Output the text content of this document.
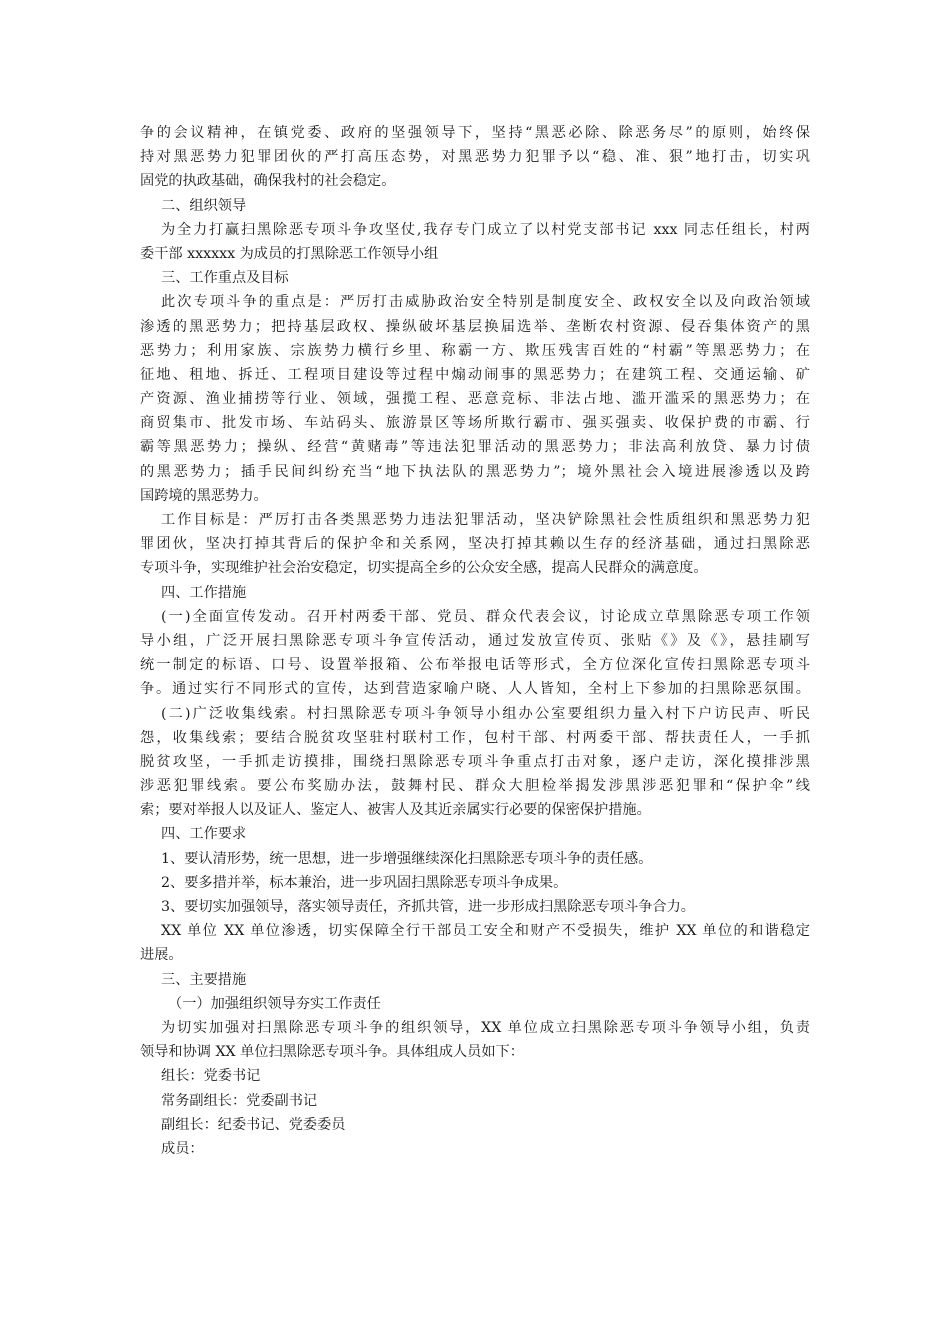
争的会议精神，在镇党委、政府的坚强领导下，坚持“黑恶必除、除恶务尽”的原则，始终保

持对黑恶势力犯罪团伙的严打高压态势，对黑恶势力犯罪予以“稳、准、狠”地打击，切实巩

固党的执政基础，确保我村的社会稳定。

二、组织领导

为全力打赢扫黑除恶专项斗争攻坚仗,我存专门成立了以村党支部书记 xxx 同志任组长，村两

委干部 xxxxxx 为成员的打黑除恶工作领导小组

三、工作重点及目标

此次专项斗争的重点是：严厉打击威胁政治安全特别是制度安全、政权安全以及向政治领域

渗透的黑恶势力；把持基层政权、操纵破坏基层换届选举、垄断农村资源、侵吞集体资产的黑

恶势力；利用家族、宗族势力横行乡里、称霸一方、欺压残害百姓的“村霸”等黑恶势力；在

征地、租地、拆迁、工程项目建设等过程中煽动闹事的黑恶势力；在建筑工程、交通运输、矿

产资源、渔业捕捞等行业、领域，强揽工程、恶意竞标、非法占地、滥开滥采的黑恶势力；在

商贸集市、批发市场、车站码头、旅游景区等场所欺行霸市、强买强卖、收保护费的市霸、行

霸等黑恶势力；操纵、经营“黄赌毒”等违法犯罪活动的黑恶势力；非法高利放贷、暴力讨债

的黑恶势力；插手民间纠纷充当“地下执法队的黑恶势力”；境外黑社会入境进展渗透以及跨

国跨境的黑恶势力。

工作目标是：严厉打击各类黑恶势力违法犯罪活动，坚决铲除黑社会性质组织和黑恶势力犯

罪团伙，坚决打掉其背后的保护伞和关系网，坚决打掉其赖以生存的经济基础，通过扫黑除恶

专项斗争，实现维护社会治安稳定，切实提高全乡的公众安全感，提高人民群众的满意度。

四、工作措施

(一)全面宣传发动。召开村两委干部、党员、群众代表会议，讨论成立草黑除恶专项工作领

导小组，广泛开展扫黑除恶专项斗争宣传活动，通过发放宣传页、张贴《》及《》，悬挂刷写

统一制定的标语、口号、设置举报箱、公布举报电话等形式，全方位深化宣传扫黑除恶专项斗

争。通过实行不同形式的宣传，达到营造家喻户晓、人人皆知，全村上下参加的扫黑除恶氛围。

(二)广泛收集线索。村扫黑除恶专项斗争领导小组办公室要组织力量入村下户访民声、听民

怨，收集线索；要结合脱贫攻坚驻村联村工作，包村干部、村两委干部、帮扶责任人，一手抓

脱贫攻坚，一手抓走访摸排，围绕扫黑除恶专项斗争重点打击对象，逐户走访，深化摸排涉黑

涉恶犯罪线索。要公布奖励办法，鼓舞村民、群众大胆检举揭发涉黑涉恶犯罪和“保护伞”线

索；要对举报人以及证人、鉴定人、被害人及其近亲属实行必要的保密保护措施。

四、工作要求

1、要认清形势，统一思想，进一步增强继续深化扫黑除恶专项斗争的责任感。

2、要多措并举，标本兼治，进一步巩固扫黑除恶专项斗争成果。

3、要切实加强领导，落实领导责任，齐抓共管，进一步形成扫黑除恶专项斗争合力。

XX 单位 XX 单位渗透，切实保障全行干部员工安全和财产不受损失，维护 XX 单位的和谐稳定

进展。

三、主要措施

（一）加强组织领导夯实工作责任

为切实加强对扫黑除恶专项斗争的组织领导，XX 单位成立扫黑除恶专项斗争领导小组，负责

领导和协调 XX 单位扫黑除恶专项斗争。具体组成人员如下：

组长：党委书记

常务副组长：党委副书记

副组长：纪委书记、党委委员

成员：
